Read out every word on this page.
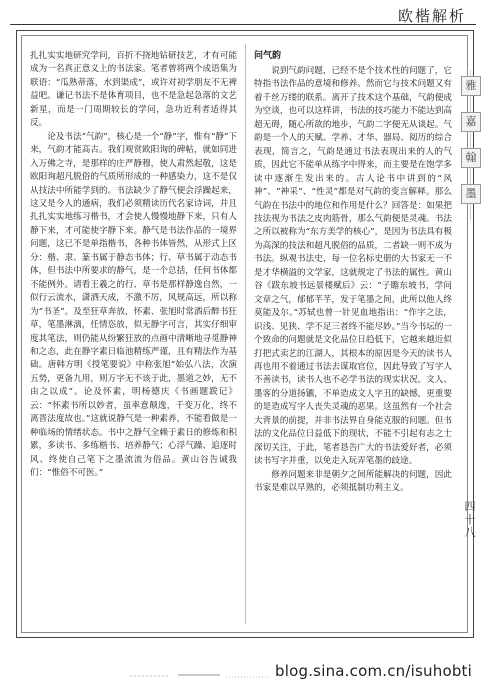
欧楷解析

扎扎实实地研究学问，百折不挠地钻研技艺，才有可能成为一名真正意义上的书法家。笔者曾将两个成语集为联语：“瓜熟蒂落，水到渠成”，或许对初学朋友不无裨益吧。谦记书法不是体育项目，也不是急起急落的文艺新星，而是一门周期较长的学问，急功近利者适得其反。

论及书法“气韵”，核心是一个“静”字，惟有“静”下来，气韵才能高古。我们观赏欧阳询的碑帖，就如同进入万佛之寺，是那样的庄严静穆，使人肃然起敬，这是欧阳询超凡脱俗的气质所形成的一种感染力，这不是仅从技法中所能学到的。书法缺少了静气便会浮躁起来，这又是今人的通病，我们必须精读历代名家诗词，并且扎扎实实地练习楷书，才会使人慢慢地静下来，只有人静下来，才可能使字静下来。静气是书法作品的一境界问题，这已不是单指楷书，各种书体皆然，从形式上区分：楷、隶、篆书属于静态书体；行、草书属于动态书体，但书法中所要求的静气，是一个总括，任何书体都不能例外。请看王羲之的行、草书是那样静逸自然，一似行云流水，潇洒天成，不激不厉，风规高远，所以称为“书圣”。及至狂草奔放，怀素、张旭时常酒后醉书狂草，笔墨淋漓，任情恣放，似无静字可言，其实仔细审度其笔法，则仍能从纷繁狂放的点画中清晰地寻觅静神和之态，此在静字素日临池精练严谨，且有精法作为基础。唐韩方明《授笔要说》中称张旭“始弘八法，次演五势，更备九用，则万字无不该于此，墨道之妙，无不由之以成”。论及怀素，明杨德庆《书画题跋记》云：“怀素书所以妙者，虽率意颠逸，千变万化，终不离晋法度故也。”这就说静气是一种素养，不能看做是一种临场的情绪状态。书中之静气全赖于素日的修炼和积累，多读书、多练楷书、培养静气；心浮气躁、追逐时风、终使自己笔下之墨流流为俗品。黄山谷告诫我们：“惟俗不可医。”

问气韵

说到气韵问题，已经不是个技术性的问题了，它特指书法作品的意境和修养。然而它与技术问题又有着千丝万缕的联系。离开了技术这个基础，气韵便成为空谈，也可以这样讲，书法的技巧能力不能达到高超无碍，随心所欲的地步，气韵二字便无从谈起。气韵是一个人的天赋、学养、才华、器局、阅历的综合表现，简言之，气韵是通过书法表现出来的人的气质，因此它不能单从练字中得来，而主要是在饱学多读中逐渐生发出来的。古人论书中讲到的“风神”、“神采”、“性灵”都是对气韵的变言解释。那么气韵在书法中的地位和作用是什么？回答是：如果把技法视为书法之皮肉筋骨，那么气韵便是灵魂。书法之所以被称为“东方美学的核心”，是因为书法具有极为高深的技法和超凡脱俗的品质，二者缺一则不成为书法。纵观书法史，每一位名标史册的大书家无一不是才华横溢的文学家，这就规定了书法的属性。黄山谷《跋东坡书远景楼赋后》云：“子瞻东坡书，学问文章之气，郁郁芊芊，发于笔墨之间，此所以他人终莫能及尔。”苏轼也曾一针见血地指出：“作字之法，识浅、见狭、学不足三者终不能尽妙。”当今书坛的一个致命的问题就是文化品位日趋低下，它越来越近似打把式卖艺的江湖人，其根本的原因是今天的读书人再也用不着通过书法去谋取官位，因此导致了写字人不善读书，读书人也不必学书法的现实状况。文人、墨客的分道扬镳，不单造成文人字丑的缺憾，更重要的是造成写字人丧失灵魂的恶果。这虽然有一个社会大背景的前提，并非书法界自身能克服的问题。但书法的文化品位日益低下的现状，不能不引起有志之士深切关注，于此，笔者恳告广大的书法爱好者，必须读书写字并重，以免走入玩弄笔墨的歧途。

修养问题来非是朝夕之间所能解决的问题，因此书家是难以早熟的，必须抵制功利主义。

雅
嘉
翰
墨
四十八
blog.sina.com.cn/isuhobti
